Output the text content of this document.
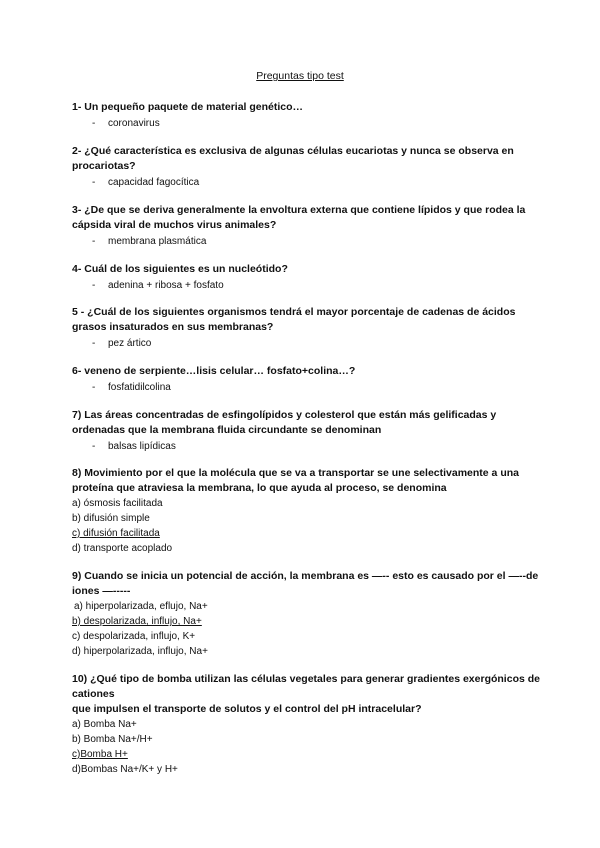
Preguntas tipo test
1- Un pequeño paquete de material genético…
-	coronavirus
2- ¿Qué característica es exclusiva de algunas células eucariotas y nunca se observa en procariotas?
-	capacidad fagocítica
3- ¿De que se deriva generalmente la envoltura externa que contiene lípidos y que rodea la cápsida viral de muchos virus animales?
-	membrana plasmática
4- Cuál de los siguientes es un nucleótido?
-	adenina + ribosa + fosfato
5 - ¿Cuál de los siguientes organismos tendrá el mayor porcentaje de cadenas de ácidos grasos insaturados en sus membranas?
-	pez ártico
6- veneno de serpiente…lisis celular… fosfato+colina…?
-	fosfatidilcolina
7) Las áreas concentradas de esfingolípidos y colesterol que están más gelificadas y ordenadas que la membrana fluida circundante se denominan
-	balsas lipídicas
8) Movimiento por el que la molécula que se va a transportar se une selectivamente a una proteína que atraviesa la membrana, lo que ayuda al proceso, se denomina
a) ósmosis facilitada
b) difusión simple
c) difusión facilitada
d) transporte acoplado
9) Cuando se inicia un potencial de acción, la membrana es —-- esto es causado por el —--de iones —-----
a) hiperpolarizada, eflujo, Na+
b) despolarizada, influjo, Na+
c) despolarizada, influjo, K+
d) hiperpolarizada, influjo, Na+
10) ¿Qué tipo de bomba utilizan las células vegetales para generar gradientes exergónicos de cationes
que impulsen el transporte de solutos y el control del pH intracelular?
a) Bomba Na+
b) Bomba Na+/H+
c)Bomba H+
d)Bombas Na+/K+ y H+
